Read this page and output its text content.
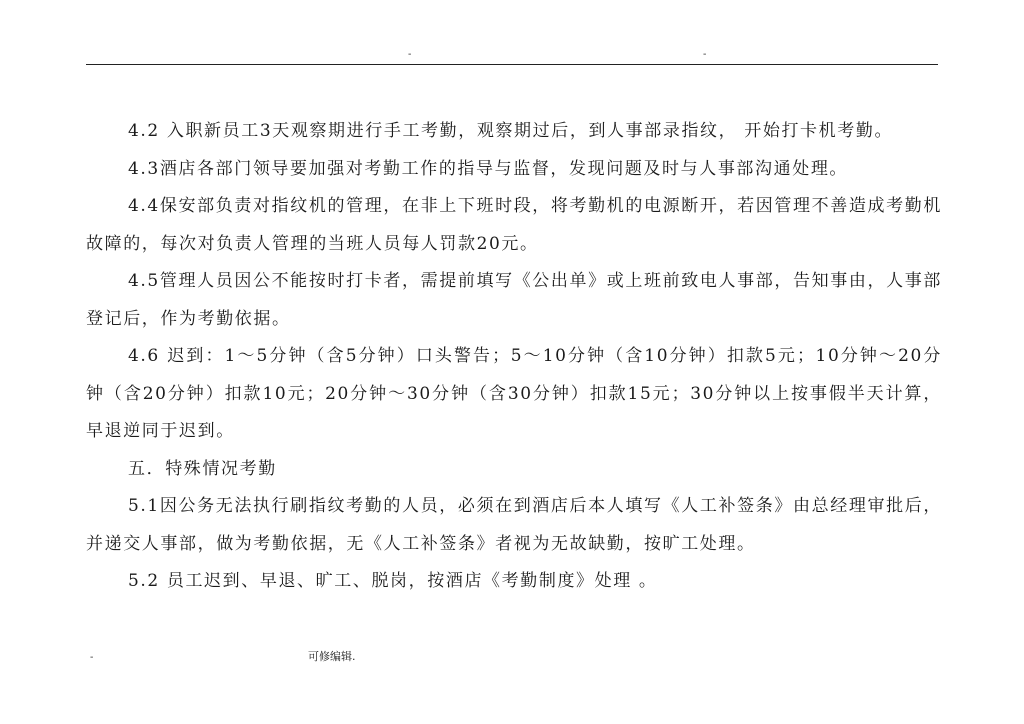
-	-

4.2 入职新员工3天观察期进行手工考勤，观察期过后，到人事部录指纹， 开始打卡机考勤。

4.3酒店各部门领导要加强对考勤工作的指导与监督，发现问题及时与人事部沟通处理。

4.4保安部负责对指纹机的管理，在非上下班时段，将考勤机的电源断开，若因管理不善造成考勤机故障的，每次对负责人管理的当班人员每人罚款20元。

4.5管理人员因公不能按时打卡者，需提前填写《公出单》或上班前致电人事部，告知事由，人事部登记后，作为考勤依据。

4.6 迟到：1～5分钟（含5分钟）口头警告；5～10分钟（含10分钟）扣款5元；10分钟～20分钟（含20分钟）扣款10元；20分钟～30分钟（含30分钟）扣款15元；30分钟以上按事假半天计算，早退逆同于迟到。

五．特殊情况考勤

5.1因公务无法执行刷指纹考勤的人员，必须在到酒店后本人填写《人工补签条》由总经理审批后，并递交人事部，做为考勤依据，无《人工补签条》者视为无故缺勤，按旷工处理。

5.2 员工迟到、早退、旷工、脱岗，按酒店《考勤制度》处理 。

-	可修编辑.
